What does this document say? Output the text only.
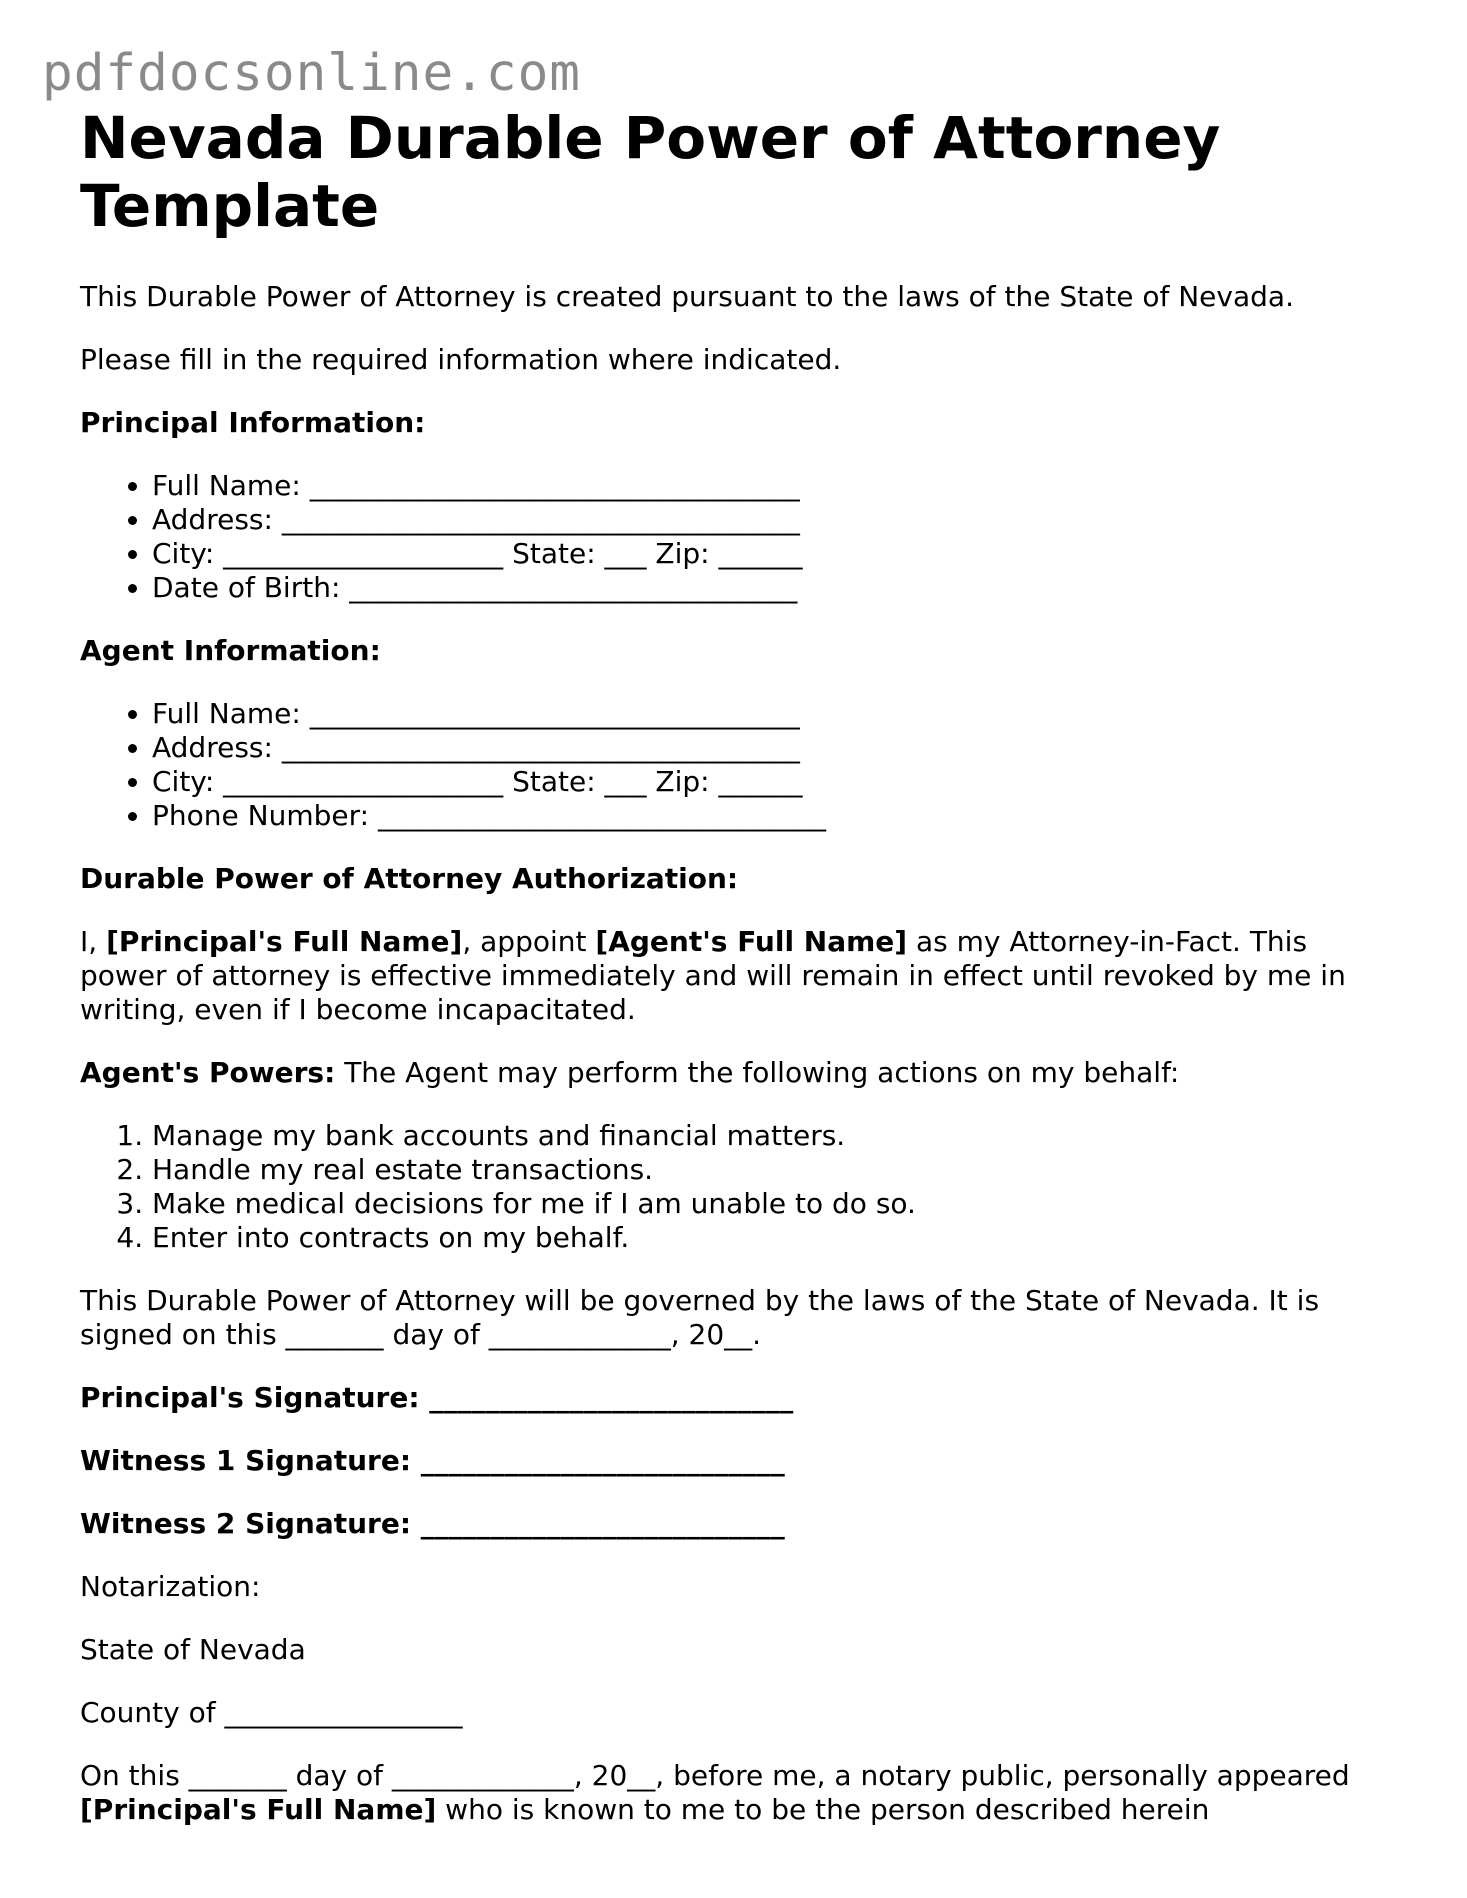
pdfdocsonline.com
Nevada Durable Power of Attorney Template

This Durable Power of Attorney is created pursuant to the laws of the State of Nevada.

Please fill in the required information where indicated.

Principal Information:
• Full Name: ___________________________________
• Address: _____________________________________
• City: ____________________ State: ___ Zip: ______
• Date of Birth: ________________________________
Agent Information:
• Full Name: ___________________________________
• Address: _____________________________________
• City: ____________________ State: ___ Zip: ______
• Phone Number: ________________________________
Durable Power of Attorney Authorization:

I, [Principal's Full Name], appoint [Agent's Full Name] as my Attorney-in-Fact. This power of attorney is effective immediately and will remain in effect until revoked by me in writing, even if I become incapacitated.

Agent's Powers: The Agent may perform the following actions on my behalf:

1. Manage my bank accounts and financial matters.
2. Handle my real estate transactions.
3. Make medical decisions for me if I am unable to do so.
4. Enter into contracts on my behalf.

This Durable Power of Attorney will be governed by the laws of the State of Nevada. It is signed on this _______ day of _____________, 20__.

Principal's Signature: __________________________

Witness 1 Signature: __________________________

Witness 2 Signature: __________________________

Notarization:

State of Nevada

County of _________________

On this _______ day of _____________, 20__, before me, a notary public, personally appeared [Principal's Full Name] who is known to me to be the person described herein
